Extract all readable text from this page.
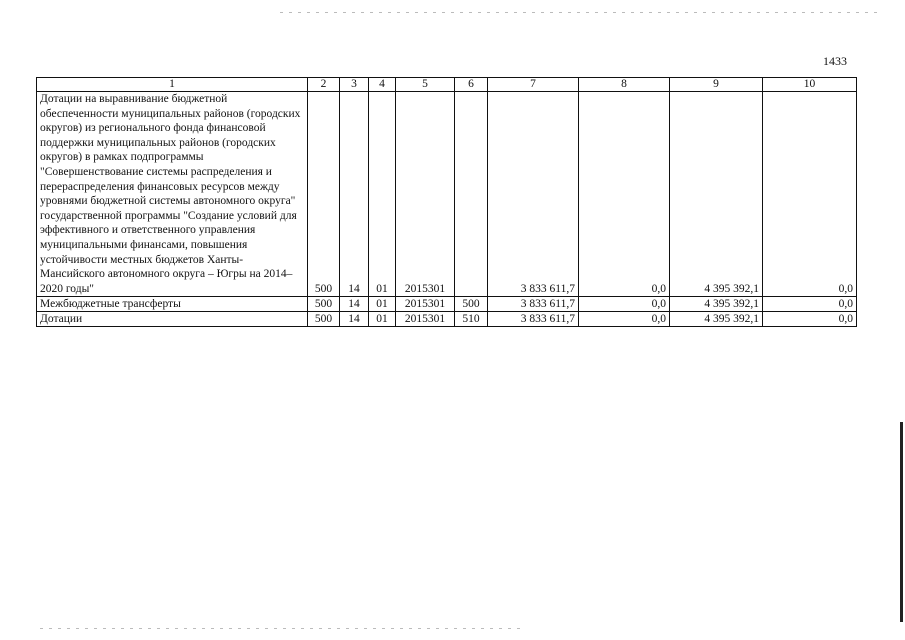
1433
1	2	3	4	5	6	7	8	9	10
Дотации на выравнивание бюджетной обеспеченности муниципальных районов (городских округов) из регионального фонда финансовой поддержки муниципальных районов (городских округов) в рамках подпрограммы "Совершенствование системы распределения и перераспределения финансовых ресурсов между уровнями бюджетной системы автономного округа" государственной программы "Создание условий для эффективного и ответственного управления муниципальными финансами, повышения устойчивости местных бюджетов Ханты-Мансийского автономного округа – Югры на 2014–2020 годы"	500	14	01	2015301		3 833 611,7	0,0	4 395 392,1	0,0
Межбюджетные трансферты	500	14	01	2015301	500	3 833 611,7	0,0	4 395 392,1	0,0
Дотации	500	14	01	2015301	510	3 833 611,7	0,0	4 395 392,1	0,0
